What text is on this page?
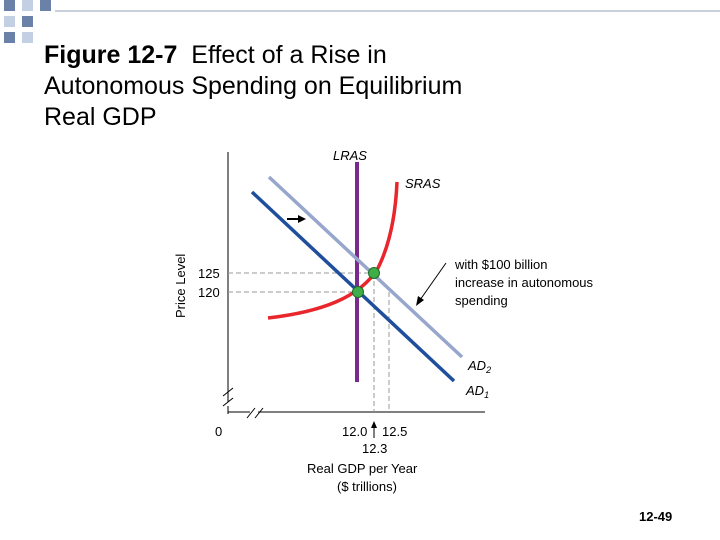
Figure 12-7 Effect of a Rise in Autonomous Spending on Equilibrium Real GDP
LRAS
SRAS
$AD_2$
$AD_1$
with $100 billion
increase in autonomous
spending
125
120
Price Level
0	12.0 12.5
12.3
Real GDP per Year
($ trillions)
12-49
